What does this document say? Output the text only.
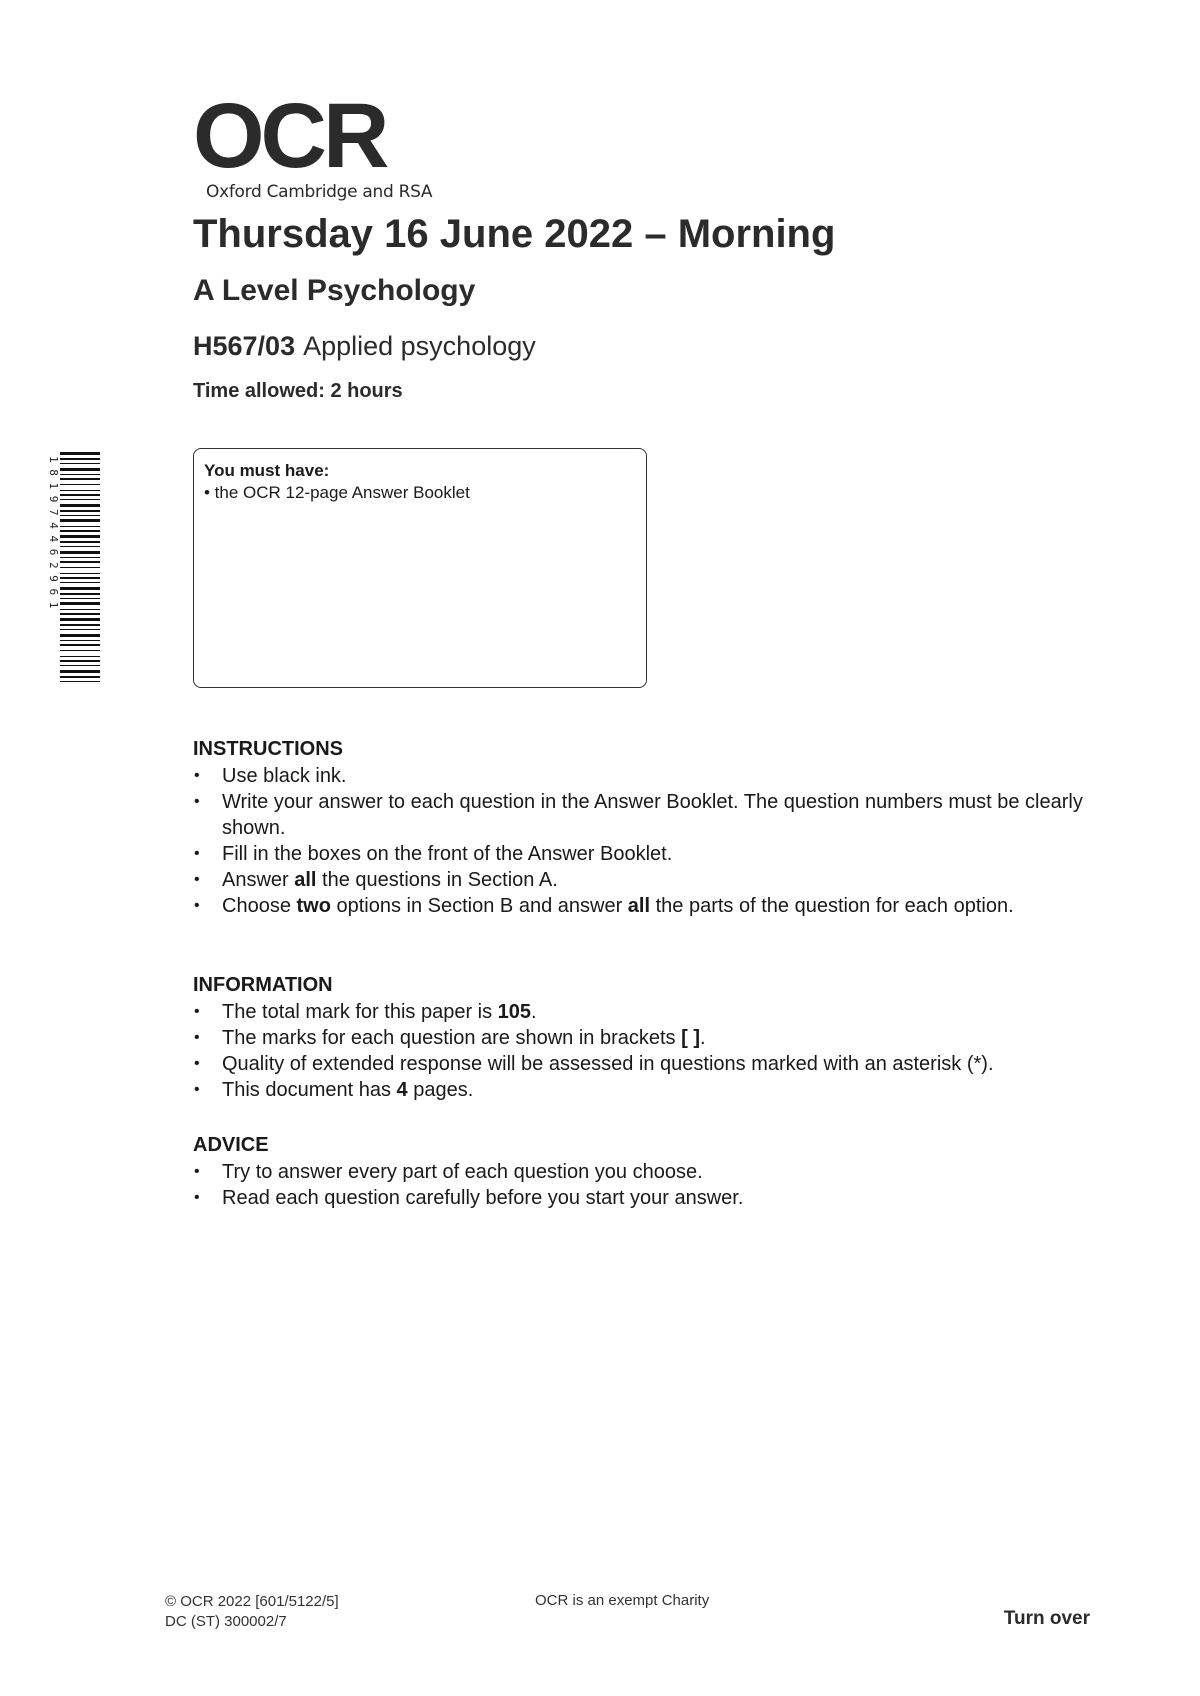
OCR
Oxford Cambridge and RSA
Thursday 16 June 2022 – Morning
A Level Psychology
H567/03 Applied psychology
Time allowed: 2 hours
1 8 1 9 7 4 4 6 2 9 6 1	You must have:
• the OCR 12-page Answer Booklet
INSTRUCTIONS
• Use black ink.
• Write your answer to each question in the Answer Booklet. The question numbers must be clearly shown.
• Fill in the boxes on the front of the Answer Booklet.
• Answer all the questions in Section A.
• Choose two options in Section B and answer all the parts of the question for each option.
INFORMATION
• The total mark for this paper is 105.
• The marks for each question are shown in brackets [ ].
• Quality of extended response will be assessed in questions marked with an asterisk (*).
• This document has 4 pages.
ADVICE
• Try to answer every part of each question you choose.
• Read each question carefully before you start your answer.
© OCR 2022 [601/5122/5]
DC (ST) 300002/7
OCR is an exempt Charity
Turn over
